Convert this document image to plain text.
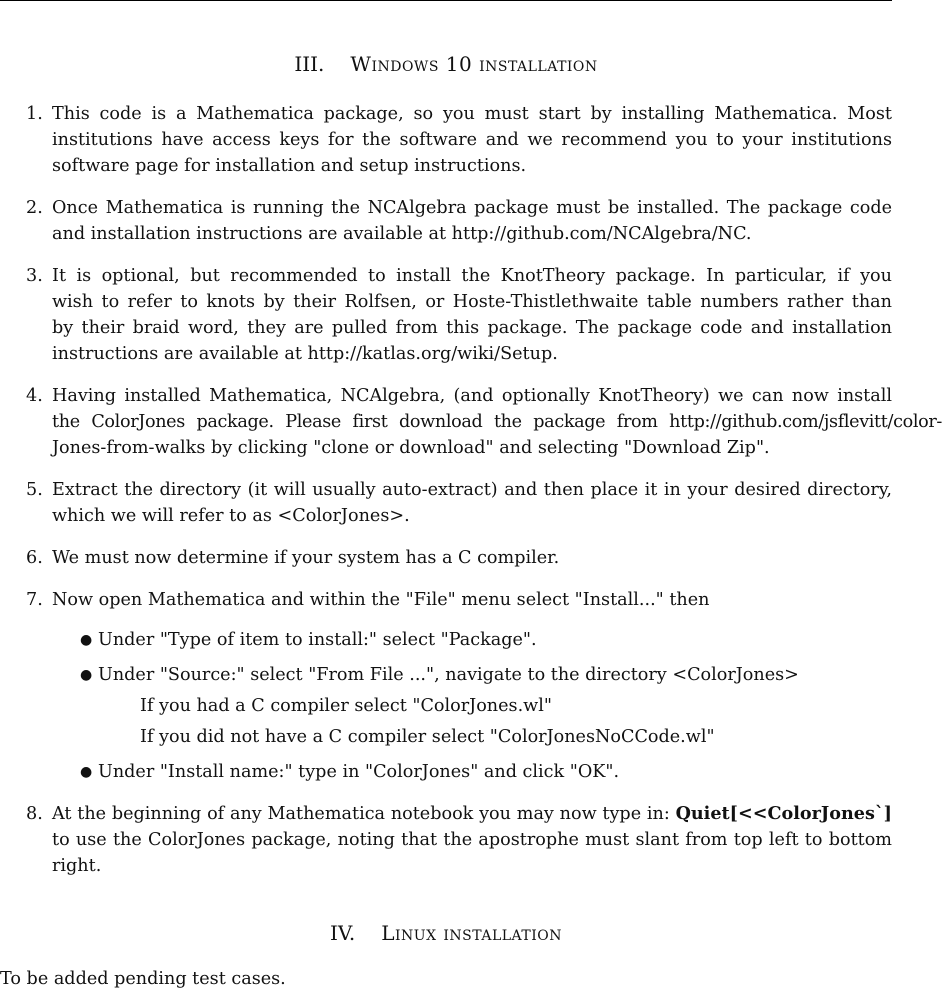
III. Windows 10 installation
1. This code is a Mathematica package, so you must start by installing Mathematica. Most
institutions have access keys for the software and we recommend you to your institutions
software page for installation and setup instructions.
2. Once Mathematica is running the NCAlgebra package must be installed. The package code
and installation instructions are available at http://github.com/NCAlgebra/NC.
3. It is optional, but recommended to install the KnotTheory package. In particular, if you
wish to refer to knots by their Rolfsen, or Hoste-Thistlethwaite table numbers rather than
by their braid word, they are pulled from this package. The package code and installation
instructions are available at http://katlas.org/wiki/Setup.
4. Having installed Mathematica, NCAlgebra, (and optionally KnotTheory) we can now install
the ColorJones package. Please first download the package from http://github.com/jsflevitt/color-
Jones-from-walks by clicking "clone or download" and selecting "Download Zip".
5. Extract the directory (it will usually auto-extract) and then place it in your desired directory,
which we will refer to as <ColorJones>.
6. We must now determine if your system has a C compiler.
7. Now open Mathematica and within the "File" menu select "Install..." then
● Under "Type of item to install:" select "Package".
● Under "Source:" select "From File ...", navigate to the directory <ColorJones>
If you had a C compiler select "ColorJones.wl"
If you did not have a C compiler select "ColorJonesNoCCode.wl"
● Under "Install name:" type in "ColorJones" and click "OK".
8. At the beginning of any Mathematica notebook you may now type in: Quiet[<<ColorJones`]
to use the ColorJones package, noting that the apostrophe must slant from top left to bottom
right.
IV. Linux installation
To be added pending test cases.
